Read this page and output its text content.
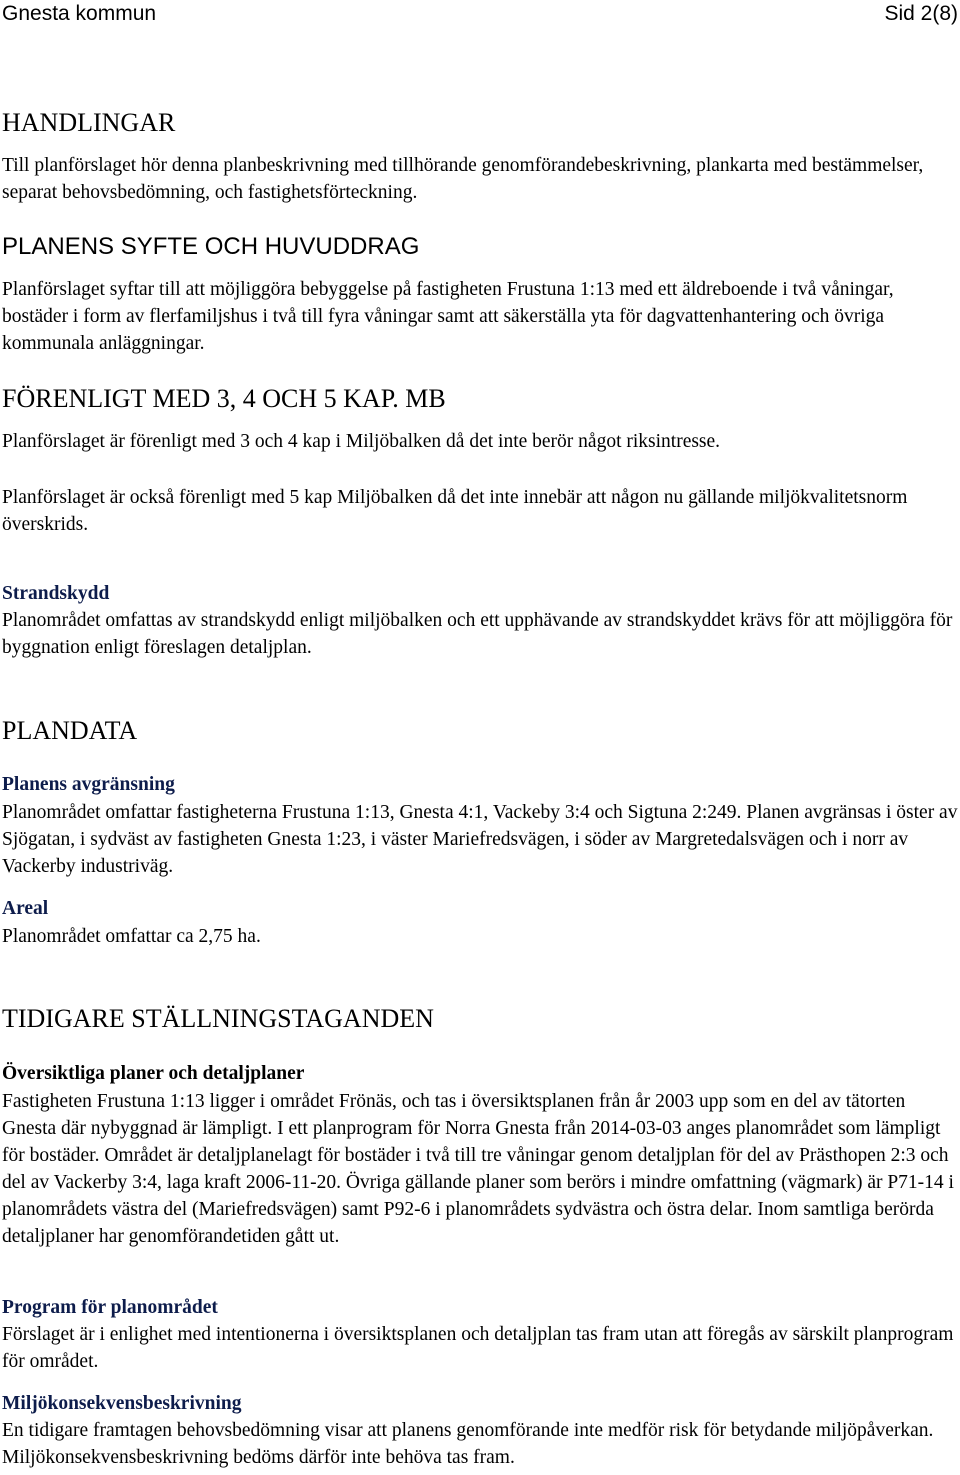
Gnesta kommun	Sid 2(8)
HANDLINGAR

Till planförslaget hör denna planbeskrivning med tillhörande genomförandebeskrivning, plankarta med bestämmelser, separat behovsbedömning, och fastighetsförteckning.

PLANENS SYFTE OCH HUVUDDRAG

Planförslaget syftar till att möjliggöra bebyggelse på fastigheten Frustuna 1:13 med ett äldreboende i två våningar, bostäder i form av flerfamiljshus i två till fyra våningar samt att säkerställa yta för dagvattenhantering och övriga kommunala anläggningar.

FÖRENLIGT MED 3, 4 OCH 5 KAP. MB

Planförslaget är förenligt med 3 och 4 kap i Miljöbalken då det inte berör något riksintresse.

Planförslaget är också förenligt med 5 kap Miljöbalken då det inte innebär att någon nu gällande miljökvalitetsnorm överskrids.

Strandskydd

Planområdet omfattas av strandskydd enligt miljöbalken och ett upphävande av strandskyddet krävs för att möjliggöra för byggnation enligt föreslagen detaljplan.

PLANDATA
Planens avgränsning

Planområdet omfattar fastigheterna Frustuna 1:13, Gnesta 4:1, Vackeby 3:4 och Sigtuna 2:249. Planen avgränsas i öster av Sjögatan, i sydväst av fastigheten Gnesta 1:23, i väster Mariefredsvägen, i söder av Margretedalsvägen och i norr av Vackerby industriväg.

Areal

Planområdet omfattar ca 2,75 ha.

TIDIGARE STÄLLNINGSTAGANDEN
Översiktliga planer och detaljplaner

Fastigheten Frustuna 1:13 ligger i området Frönäs, och tas i översiktsplanen från år 2003 upp som en del av tätorten Gnesta där nybyggnad är lämpligt. I ett planprogram för Norra Gnesta från 2014-03-03 anges planområdet som lämpligt för bostäder. Området är detaljplanelagt för bostäder i två till tre våningar genom detaljplan för del av Prästhopen 2:3 och del av Vackerby 3:4, laga kraft 2006-11-20. Övriga gällande planer som berörs i mindre omfattning (vägmark) är P71-14 i planområdets västra del (Mariefredsvägen) samt P92-6 i planområdets sydvästra och östra delar. Inom samtliga berörda detaljplaner har genomförandetiden gått ut.

Program för planområdet

Förslaget är i enlighet med intentionerna i översiktsplanen och detaljplan tas fram utan att föregås av särskilt planprogram för området.

Miljökonsekvensbeskrivning

En tidigare framtagen behovsbedömning visar att planens genomförande inte medför risk för betydande miljöpåverkan. Miljökonsekvensbeskrivning bedöms därför inte behöva tas fram.
